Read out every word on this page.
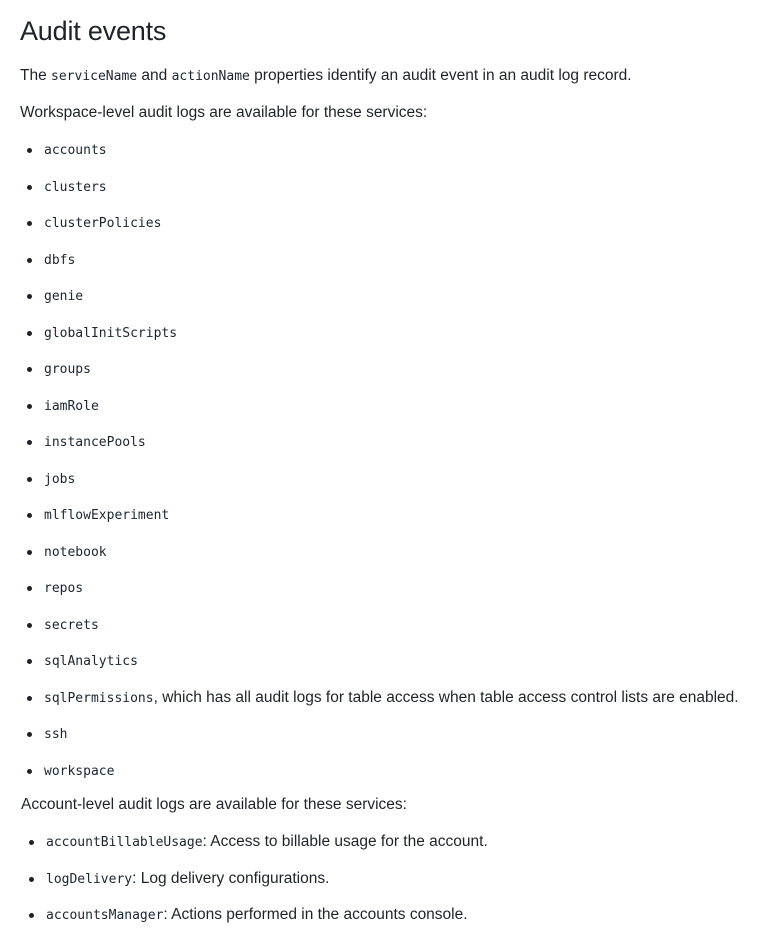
Audit events

The serviceName and actionName properties identify an audit event in an audit log record.

Workspace-level audit logs are available for these services:

accounts
clusters
clusterPolicies
dbfs
genie
globalInitScripts
groups
iamRole
instancePools
jobs
mlflowExperiment
notebook
repos
secrets
sqlAnalytics
sqlPermissions, which has all audit logs for table access when table access control lists are enabled.
ssh
workspace

Account-level audit logs are available for these services:

accountBillableUsage: Access to billable usage for the account.
logDelivery: Log delivery configurations.
accountsManager: Actions performed in the accounts console.
